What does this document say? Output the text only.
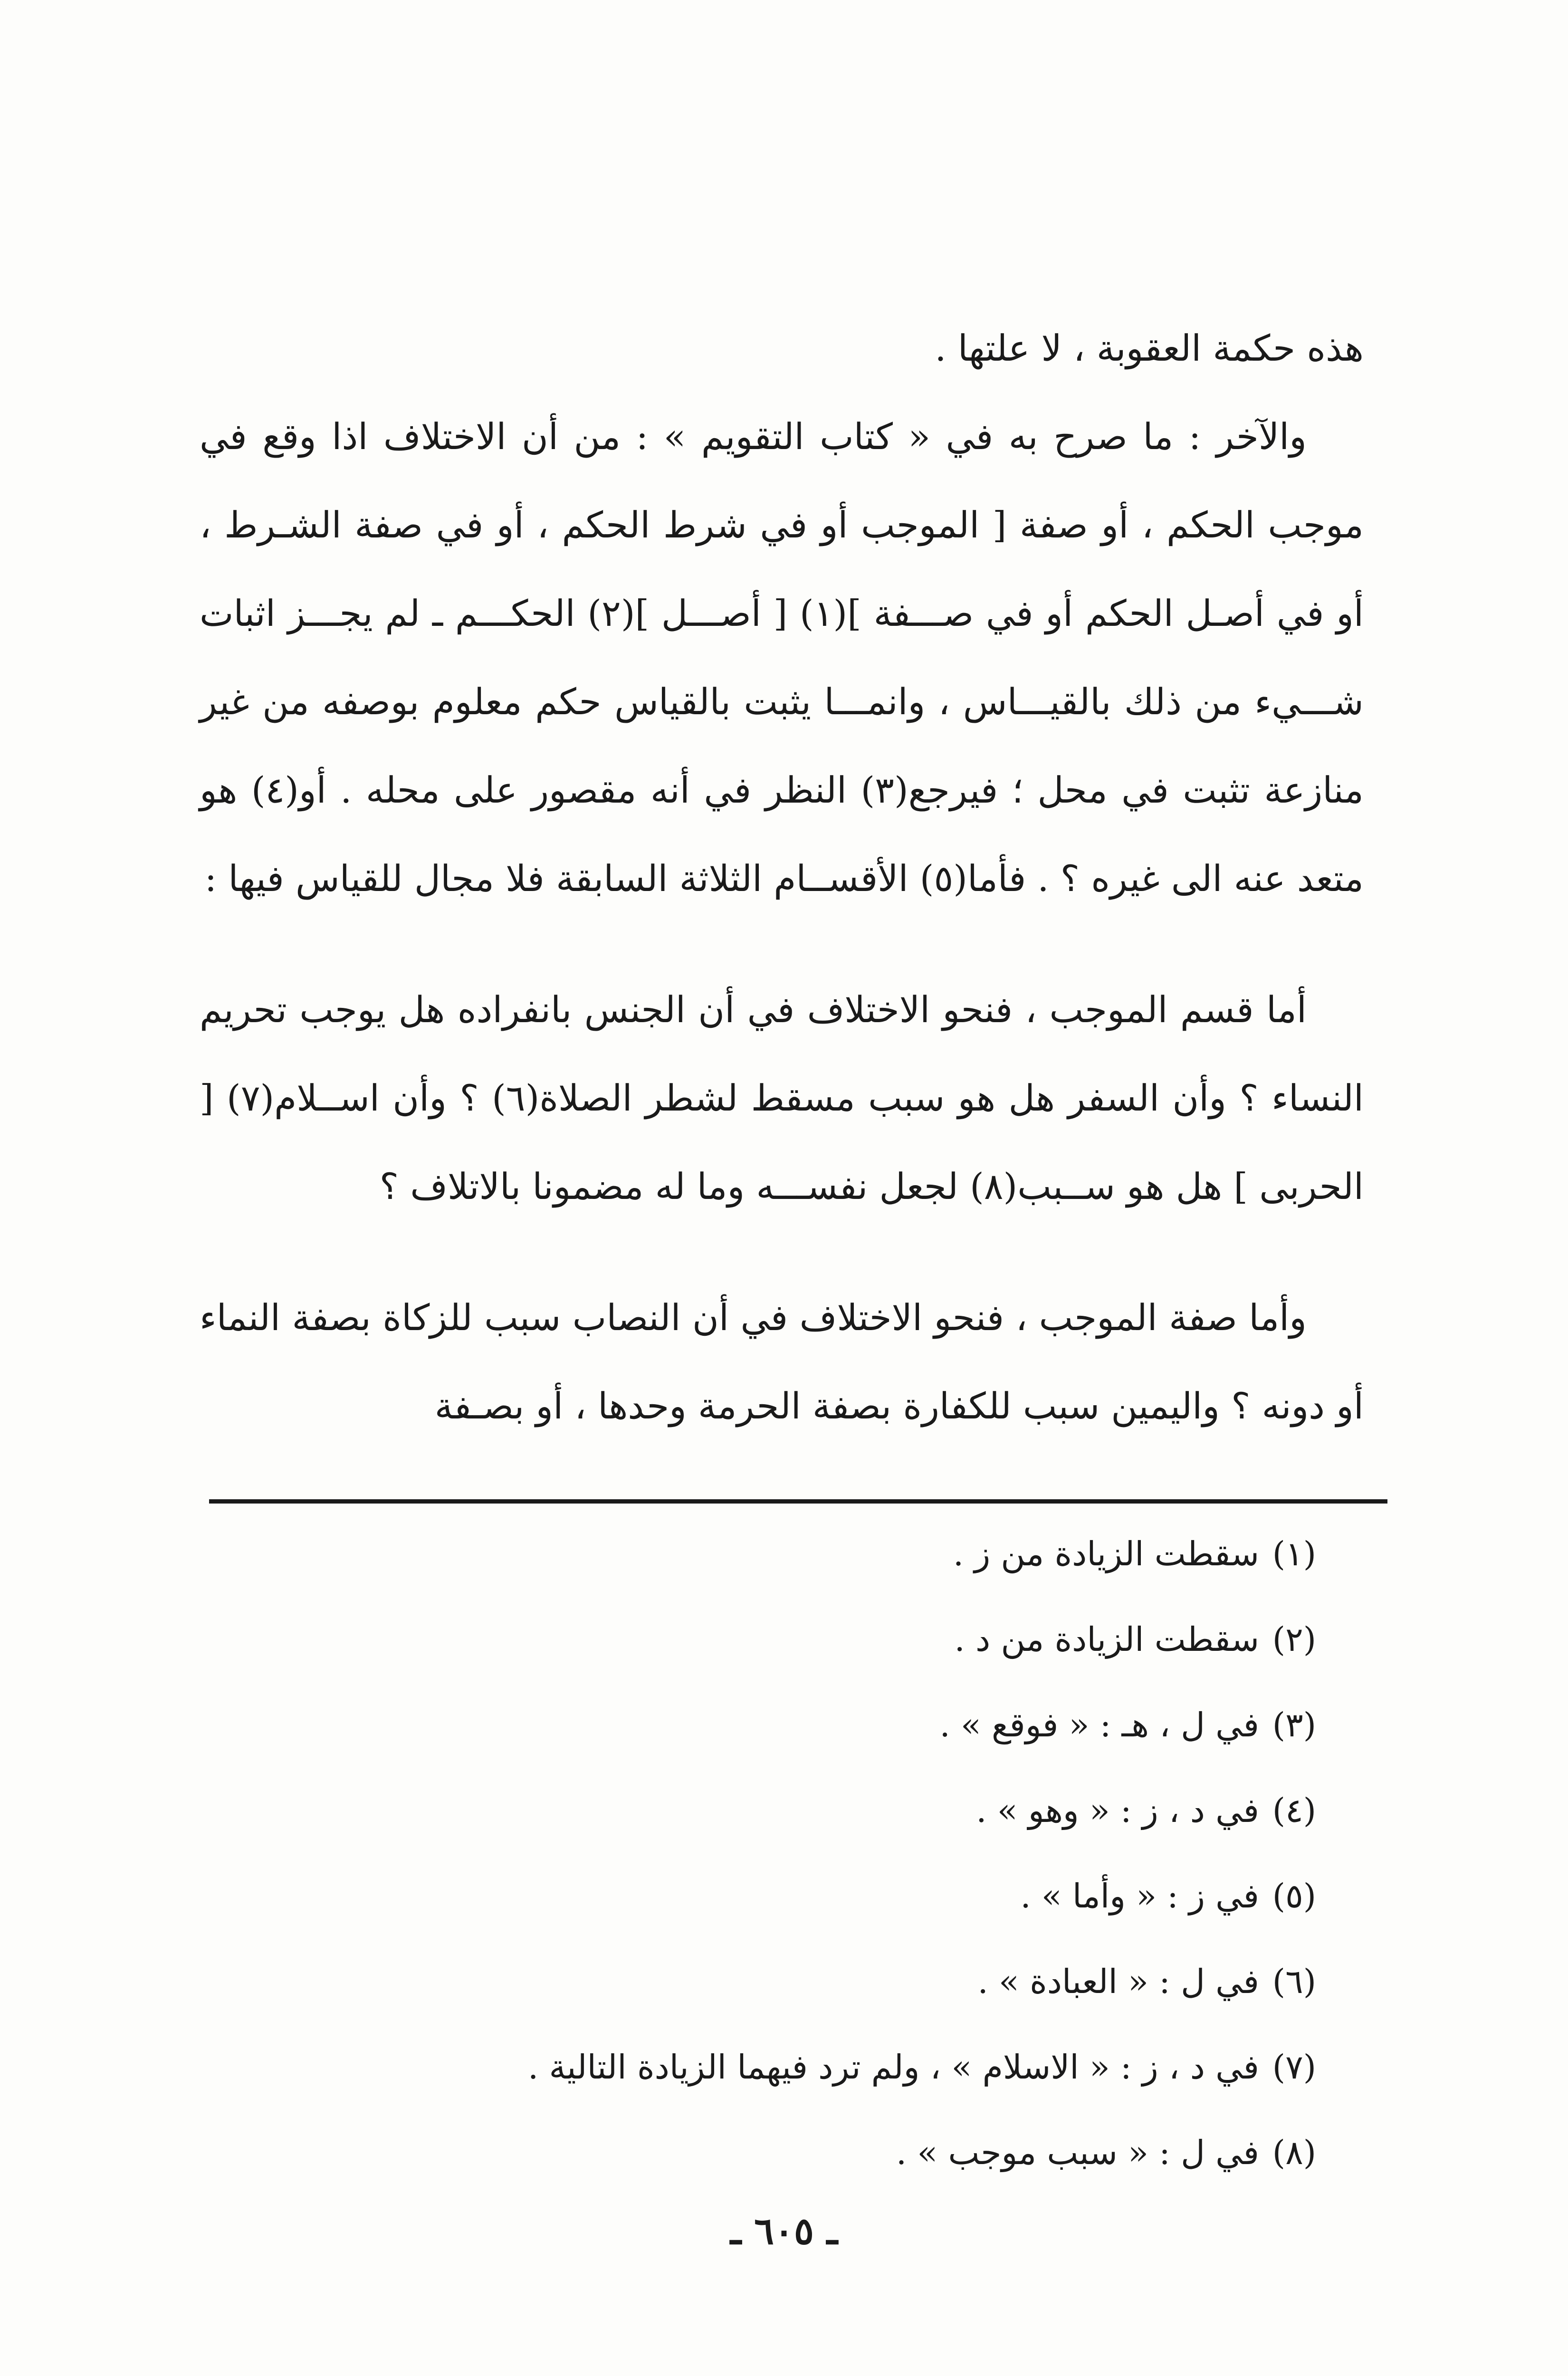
هذه حكمة العقوبة ، لا علتها .

والآخر : ما صرح به في « كتاب التقويم » : من أن الاختلاف اذا وقع في موجب الحكم ، أو صفة [ الموجب أو في شرط الحكم ، أو في صفة الشـرط ، أو في أصـل الحكم أو في صـــفة ](١) [ أصـــل ](٢) الحكـــم ـ لم يجـــز اثبات شـــيء من ذلك بالقيـــاس ، وانمـــا يثبت بالقياس حكم معلوم بوصفه من غير منازعة تثبت في محل ؛ فيرجع(٣) النظر في أنه مقصور على محله . أو(٤) هو متعد عنه الى غيره ؟ . فأما(٥) الأقســام الثلاثة السابقة فلا مجال للقياس فيها :

أما قسم الموجب ، فنحو الاختلاف في أن الجنس بانفراده هل يوجب تحريم النساء ؟ وأن السفر هل هو سبب مسقط لشطر الصلاة(٦) ؟ وأن اســلام(٧) [ الحربى ] هل هو ســبب(٨) لجعل نفســـه وما له مضمونا بالاتلاف ؟

وأما صفة الموجب ، فنحو الاختلاف في أن النصاب سبب للزكاة بصفة النماء أو دونه ؟ واليمين سبب للكفارة بصفة الحرمة وحدها ، أو بصـفة

(١)سقطت الزيادة من ز .
(٢)سقطت الزيادة من د .
(٣)في ل ، هـ : « فوقع » .
(٤)في د ، ز : « وهو » .
(٥)في ز : « وأما » .
(٦)في ل : « العبادة » .
(٧)في د ، ز : « الاسلام » ، ولم ترد فيهما الزيادة التالية .
(٨)في ل : « سبب موجب » .
ـ ٦٠٥ ـ
